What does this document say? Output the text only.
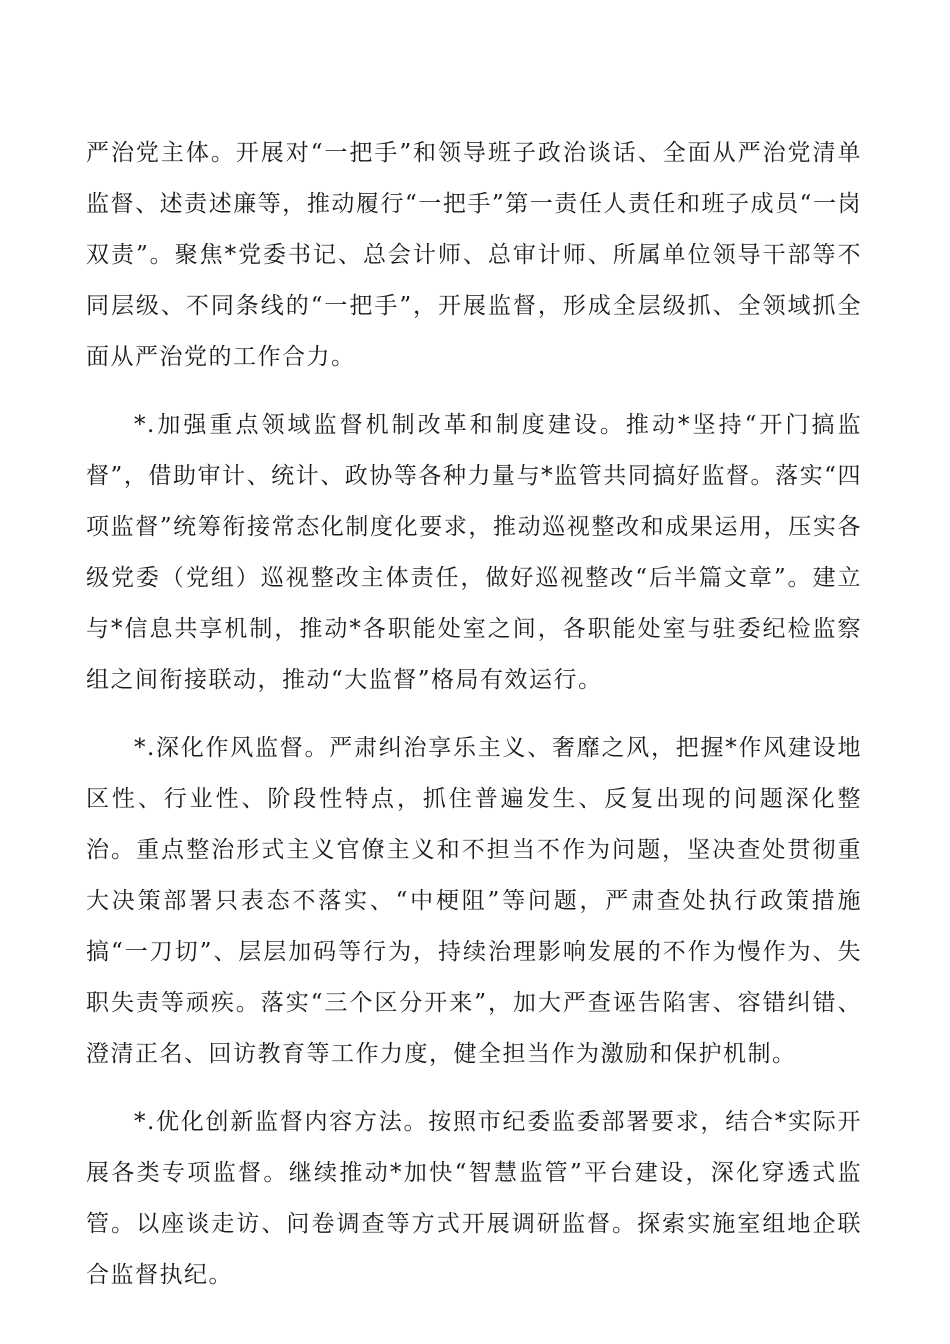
严治党主体。开展对“一把手”和领导班子政治谈话、全面从严治党清单监督、述责述廉等，推动履行“一把手”第一责任人责任和班子成员“一岗双责”。聚焦*党委书记、总会计师、总审计师、所属单位领导干部等不同层级、不同条线的“一把手”，开展监督，形成全层级抓、全领域抓全面从严治党的工作合力。

*.加强重点领域监督机制改革和制度建设。推动*坚持“开门搞监督”，借助审计、统计、政协等各种力量与*监管共同搞好监督。落实“四项监督”统筹衔接常态化制度化要求，推动巡视整改和成果运用，压实各级党委（党组）巡视整改主体责任，做好巡视整改“后半篇文章”。建立与*信息共享机制，推动*各职能处室之间，各职能处室与驻委纪检监察组之间衔接联动，推动“大监督”格局有效运行。

*.深化作风监督。严肃纠治享乐主义、奢靡之风，把握*作风建设地区性、行业性、阶段性特点，抓住普遍发生、反复出现的问题深化整治。重点整治形式主义官僚主义和不担当不作为问题，坚决查处贯彻重大决策部署只表态不落实、“中梗阻”等问题，严肃查处执行政策措施搞“一刀切”、层层加码等行为，持续治理影响发展的不作为慢作为、失职失责等顽疾。落实“三个区分开来”，加大严查诬告陷害、容错纠错、澄清正名、回访教育等工作力度，健全担当作为激励和保护机制。

*.优化创新监督内容方法。按照市纪委监委部署要求，结合*实际开展各类专项监督。继续推动*加快“智慧监管”平台建设，深化穿透式监管。以座谈走访、问卷调查等方式开展调研监督。探索实施室组地企联合监督执纪。
